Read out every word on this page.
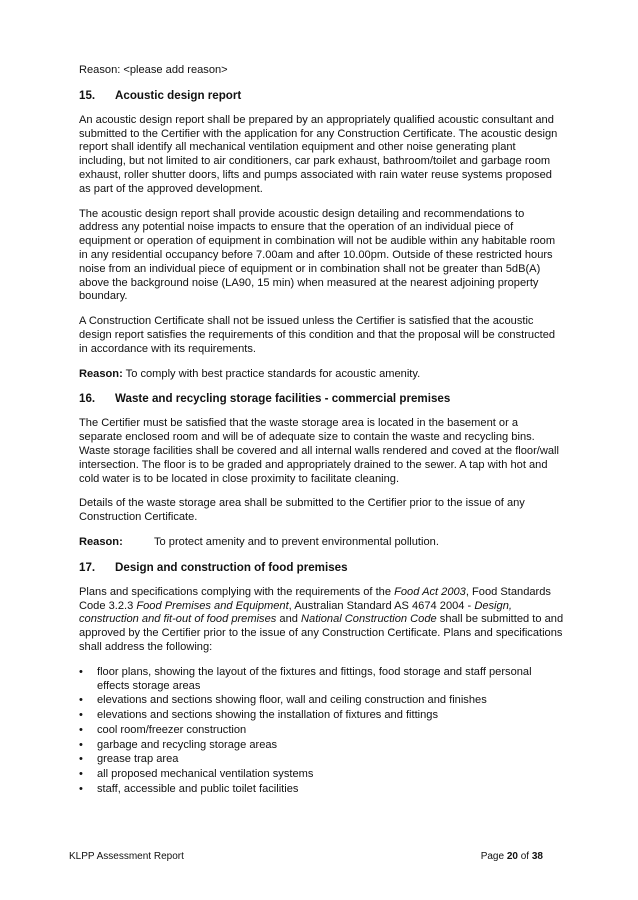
Reason: <please add reason>

15. Acoustic design report

An acoustic design report shall be prepared by an appropriately qualified acoustic consultant and submitted to the Certifier with the application for any Construction Certificate. The acoustic design report shall identify all mechanical ventilation equipment and other noise generating plant including, but not limited to air conditioners, car park exhaust, bathroom/toilet and garbage room exhaust, roller shutter doors, lifts and pumps associated with rain water reuse systems proposed as part of the approved development.

The acoustic design report shall provide acoustic design detailing and recommendations to address any potential noise impacts to ensure that the operation of an individual piece of equipment or operation of equipment in combination will not be audible within any habitable room in any residential occupancy before 7.00am and after 10.00pm. Outside of these restricted hours noise from an individual piece of equipment or in combination shall not be greater than 5dB(A) above the background noise (LA90, 15 min) when measured at the nearest adjoining property boundary.

A Construction Certificate shall not be issued unless the Certifier is satisfied that the acoustic design report satisfies the requirements of this condition and that the proposal will be constructed in accordance with its requirements.

Reason: To comply with best practice standards for acoustic amenity.

16. Waste and recycling storage facilities - commercial premises

The Certifier must be satisfied that the waste storage area is located in the basement or a separate enclosed room and will be of adequate size to contain the waste and recycling bins. Waste storage facilities shall be covered and all internal walls rendered and coved at the floor/wall intersection. The floor is to be graded and appropriately drained to the sewer. A tap with hot and cold water is to be located in close proximity to facilitate cleaning.

Details of the waste storage area shall be submitted to the Certifier prior to the issue of any Construction Certificate.

Reason:	To protect amenity and to prevent environmental pollution.

17. Design and construction of food premises

Plans and specifications complying with the requirements of the Food Act 2003, Food Standards Code 3.2.3 Food Premises and Equipment, Australian Standard AS 4674 2004 - Design, construction and fit-out of food premises and National Construction Code shall be submitted to and approved by the Certifier prior to the issue of any Construction Certificate. Plans and specifications shall address the following:

• floor plans, showing the layout of the fixtures and fittings, food storage and staff personal effects storage areas
• elevations and sections showing floor, wall and ceiling construction and finishes
• elevations and sections showing the installation of fixtures and fittings
• cool room/freezer construction
• garbage and recycling storage areas
• grease trap area
• all proposed mechanical ventilation systems
• staff, accessible and public toilet facilities
KLPP Assessment Report	Page 20 of 38
